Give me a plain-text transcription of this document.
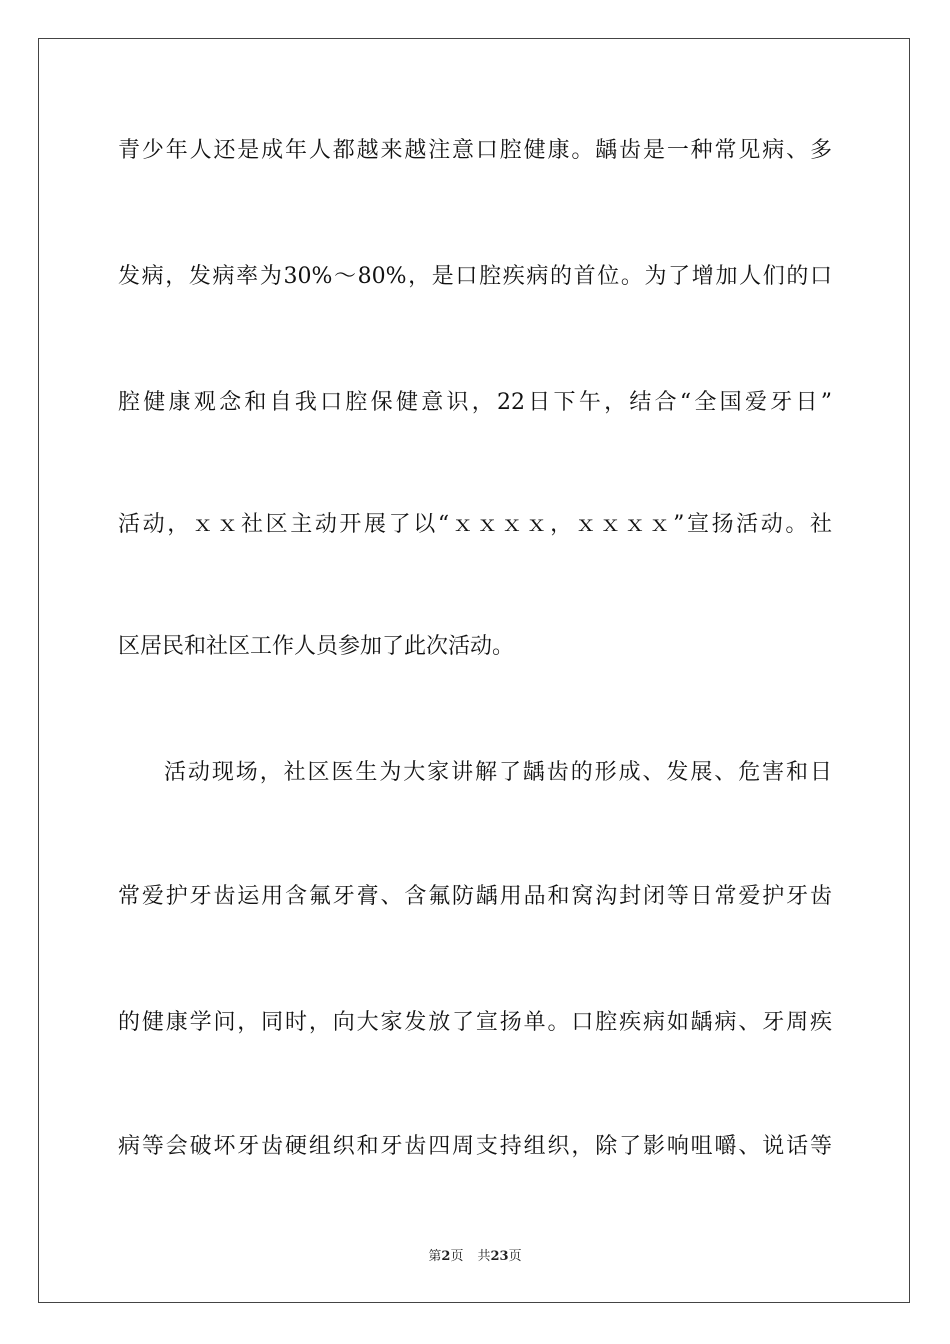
青少年人还是成年人都越来越注意口腔健康。龋齿是一种常见病、多
发病，发病率为30%～80%，是口腔疾病的首位。为了增加人们的口
腔健康观念和自我口腔保健意识，22日下午，结合“全国爱牙日”
活动，ｘｘ社区主动开展了以“ｘｘｘｘ，ｘｘｘｘ”宣扬活动。社
区居民和社区工作人员参加了此次活动。
活动现场，社区医生为大家讲解了龋齿的形成、发展、危害和日
常爱护牙齿运用含氟牙膏、含氟防龋用品和窝沟封闭等日常爱护牙齿
的健康学问，同时，向大家发放了宣扬单。口腔疾病如龋病、牙周疾
病等会破坏牙齿硬组织和牙齿四周支持组织，除了影响咀嚼、说话等
第2页 共23页
